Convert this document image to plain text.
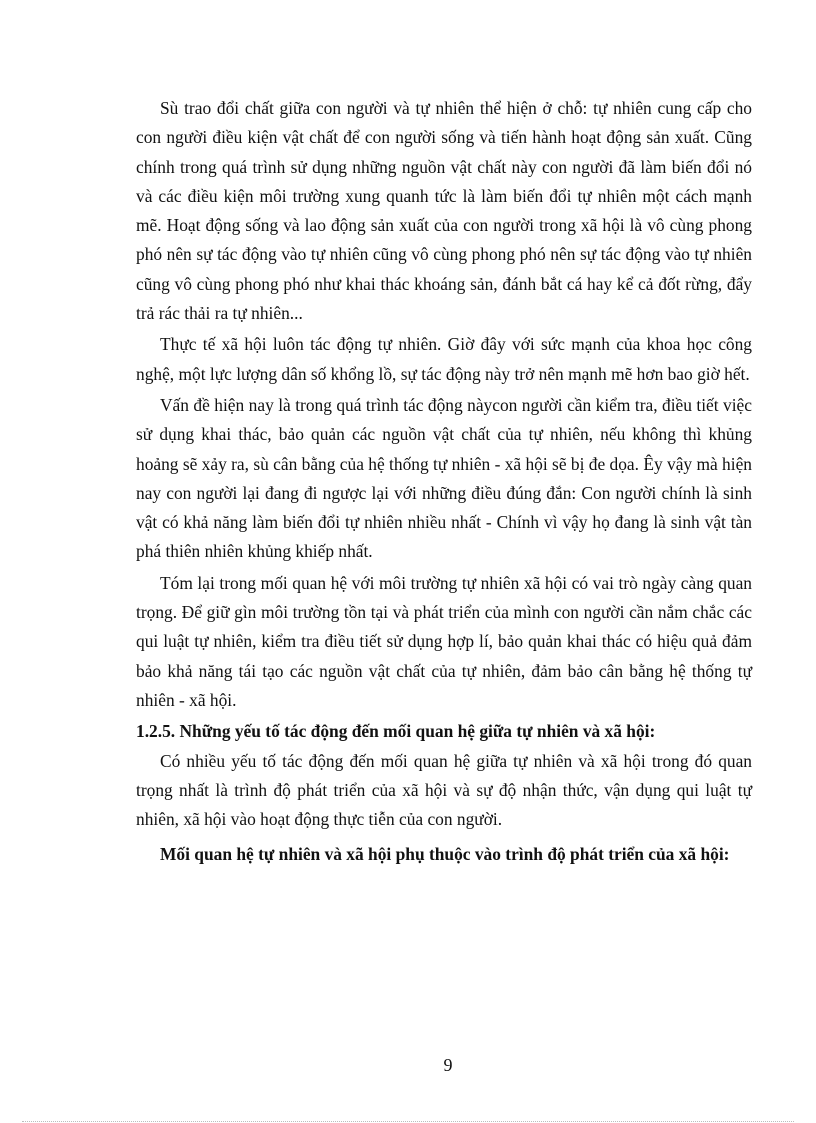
Sù trao đổi chất giữa con người và tự nhiên thể hiện ở chỗ: tự nhiên cung cấp cho con người điều kiện vật chất để con người sống và tiến hành hoạt động sản xuất. Cũng chính trong quá trình sử dụng những nguồn vật chất này con người đã làm biến đổi nó và các điều kiện môi trường xung quanh tức là làm biến đổi tự nhiên một cách mạnh mẽ. Hoạt động sống và lao động sản xuất của con người trong xã hội là vô cùng phong phó nên sự tác động vào tự nhiên cũng vô cùng phong phó nên sự tác động vào tự nhiên cũng vô cùng phong phó như khai thác khoáng sản, đánh bắt cá hay kể cả đốt rừng, đẩy trả rác thải ra tự nhiên...

Thực tế xã hội luôn tác động tự nhiên. Giờ đây với sức mạnh của khoa học công nghệ, một lực lượng dân số khổng lồ, sự tác động này trở nên mạnh mẽ hơn bao giờ hết.

Vấn đề hiện nay là trong quá trình tác động nàycon người cần kiểm tra, điều tiết việc sử dụng khai thác, bảo quản các nguồn vật chất của tự nhiên, nếu không thì khủng hoảng sẽ xảy ra, sù cân bằng của hệ thống tự nhiên - xã hội sẽ bị đe dọa. Êy vậy mà hiện nay con người lại đang đi ngược lại với những điều đúng đắn: Con người chính là sinh vật có khả năng làm biến đổi tự nhiên nhiều nhất - Chính vì vậy họ đang là sinh vật tàn phá thiên nhiên khủng khiếp nhất.

Tóm lại trong mối quan hệ với môi trường tự nhiên xã hội có vai trò ngày càng quan trọng. Để giữ gìn môi trường tồn tại và phát triển của mình con người cần nắm chắc các qui luật tự nhiên, kiểm tra điều tiết sử dụng hợp lí, bảo quản khai thác có hiệu quả đảm bảo khả năng tái tạo các nguồn vật chất của tự nhiên, đảm bảo cân bằng hệ thống tự nhiên - xã hội.

1.2.5. Những yếu tố tác động đến mối quan hệ giữa tự nhiên và xã hội:

Có nhiều yếu tố tác động đến mối quan hệ giữa tự nhiên và xã hội trong đó quan trọng nhất là trình độ phát triển của xã hội và sự độ nhận thức, vận dụng qui luật tự nhiên, xã hội vào hoạt động thực tiễn của con người.

Mối quan hệ tự nhiên và xã hội phụ thuộc vào trình độ phát triển của xã hội:

9
